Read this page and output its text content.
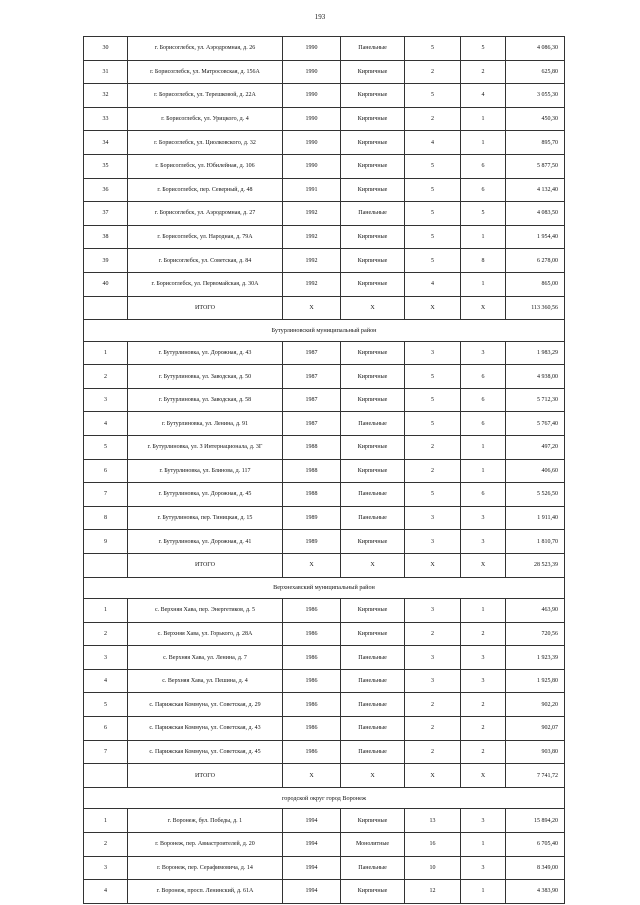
193
30	г. Борисоглебск, ул. Аэродромная, д. 26	1990	Панельные	5	5	4 086,30
31	г. Борисоглебск, ул. Матросовская, д. 156А	1990	Кирпичные	2	2	625,80
32	г. Борисоглебск, ул. Терешковой, д. 22А	1990	Кирпичные	5	4	3 055,30
33	г. Борисоглебск, ул. Урицкого, д. 4	1990	Кирпичные	2	1	450,30
34	г. Борисоглебск, ул. Циолковского, д. 32	1990	Кирпичные	4	1	895,70
35	г. Борисоглебск, ул. Юбилейная, д. 106	1990	Кирпичные	5	6	5 877,50
36	г. Борисоглебск, пер. Северный, д. 48	1991	Кирпичные	5	6	4 132,40
37	г. Борисоглебск, ул. Аэродромная, д. 27	1992	Панельные	5	5	4 083,50
38	г. Борисоглебск, ул. Народная, д. 79А	1992	Кирпичные	5	1	1 954,40
39	г. Борисоглебск, ул. Советская, д. 84	1992	Кирпичные	5	8	6 278,00
40	г. Борисоглебск, ул. Первомайская, д. 30А	1992	Кирпичные	4	1	865,00
	ИТОГО	X	X	X	X	113 360,56
Бутурлиновский муниципальный район						
1	г. Бутурлиновка, ул. Дорожная, д. 43	1987	Кирпичные	3	3	1 983,29
2	г. Бутурлиновка, ул. Заводская, д. 50	1987	Кирпичные	5	6	4 938,00
3	г. Бутурлиновка, ул. Заводская, д. 58	1987	Кирпичные	5	6	5 712,30
4	г. Бутурлиновка, ул. Ленина, д. 91	1987	Панельные	5	6	5 767,40
5	г. Бутурлиновка, ул. З Интернационала, д. 3Г	1988	Кирпичные	2	1	497,20
6	г. Бутурлиновка, ул. Блинова, д. 117	1988	Кирпичные	2	1	406,60
7	г. Бутурлиновка, ул. Дорожная, д. 45	1988	Панельные	5	6	5 526,50
8	г. Бутурлиновка, пер. Тиницкая, д. 15	1989	Панельные	3	3	1 911,40
9	г. Бутурлиновка, ул. Дорожная, д. 41	1989	Кирпичные	3	3	1 810,70
	ИТОГО	X	X	X	X	28 523,39
Верхнехавский муниципальный район						
1	с. Верхняя Хава, пер. Энергетиков, д. 5	1986	Кирпичные	3	1	463,90
2	с. Верхняя Хава, ул. Горького, д. 28А	1986	Кирпичные	2	2	720,56
3	с. Верхняя Хава, ул. Ленина, д. 7	1986	Панельные	3	3	1 923,39
4	с. Верхняя Хава, ул. Пешина, д. 4	1986	Панельные	3	3	1 925,80
5	с. Парижская Коммуна, ул. Советская, д. 29	1986	Панельные	2	2	902,20
6	с. Парижская Коммуна, ул. Советская, д. 43	1986	Панельные	2	2	902,07
7	с. Парижская Коммуна, ул. Советская, д. 45	1986	Панельные	2	2	903,80
	ИТОГО	X	X	X	X	7 741,72
городской округ город Воронеж						
1	г. Воронеж, бул. Победы, д. 1	1994	Кирпичные	13	3	15 894,20
2	г. Воронеж, пер. Авиастроителей, д. 20	1994	Монолитные	16	1	6 705,40
3	г. Воронеж, пер. Серафимовича, д. 14	1994	Панельные	10	3	8 349,00
4	г. Воронеж, просп. Ленинский, д. 61А	1994	Кирпичные	12	1	4 383,90
